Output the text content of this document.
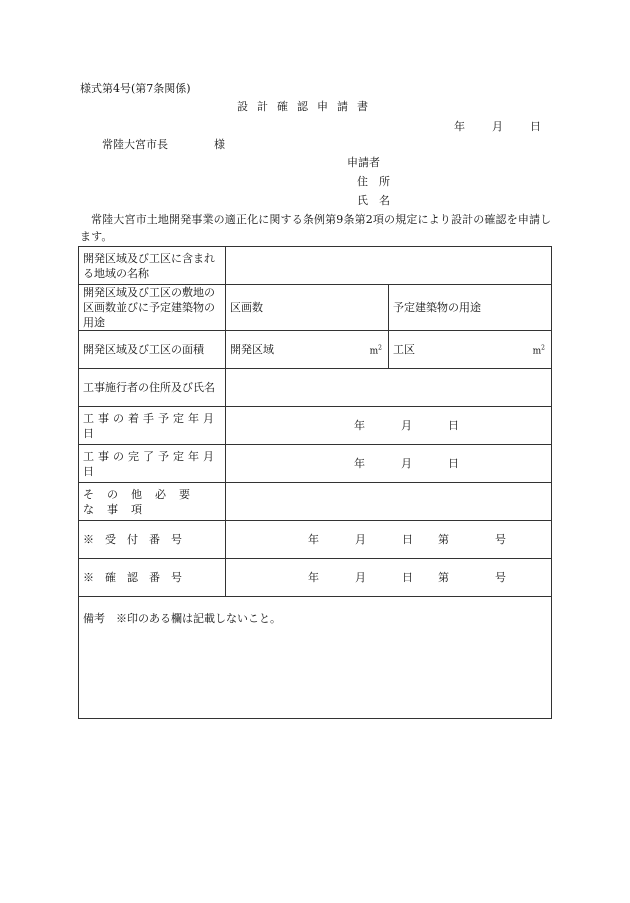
様式第4号(第7条関係)
設計確認申請書
年 月 日
常陸大宮市長	様
申請者
住　所
氏　名
常陸大宮市土地開発事業の適正化に関する条例第9条第2項の規定により設計の確認を申請します。
開発区域及び工区に含まれる地域の名称		
開発区域及び工区の敷地の区画数並びに予定建築物の用途	区画数	予定建築物の用途
開発区域及び工区の面積	開発区域 $m^2$	工区 $m^2$

工事施行者の住所及び氏名		
工事の着手予定年月日	年 月 日	

工事の完了予定年月日	年 月 日	

その他必要な事項		
※　受　付　番　号	年 月 日 第 号	

※　確　認　番　号	年 月 日 第 号	

備考　※印のある欄は記載しないこと。		
